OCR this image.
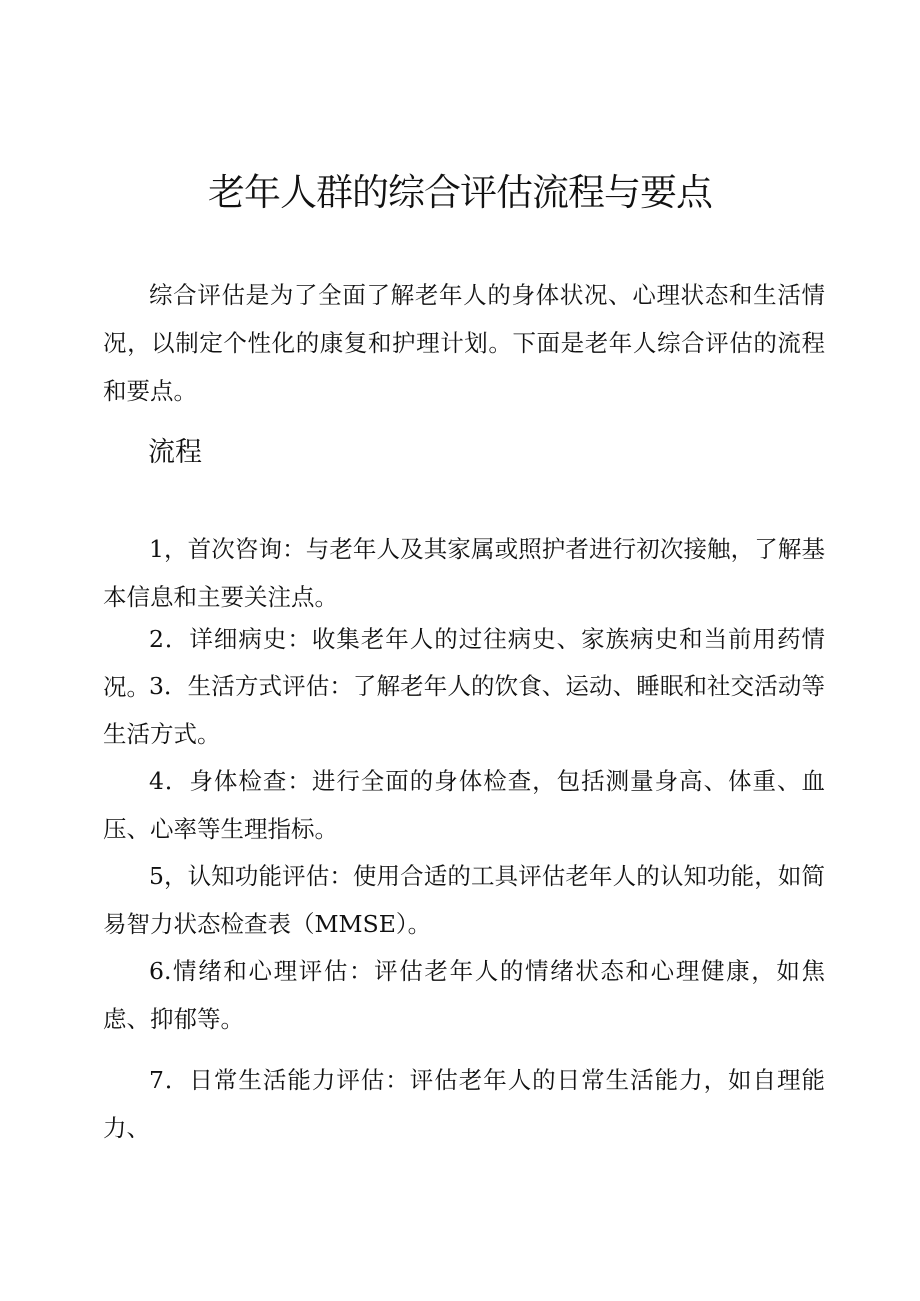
老年人群的综合评估流程与要点
综合评估是为了全面了解老年人的身体状况、心理状态和生活情况，以制定个性化的康复和护理计划。下面是老年人综合评估的流程和要点。
流程
1，首次咨询：与老年人及其家属或照护者进行初次接触，了解基本信息和主要关注点。
2．详细病史：收集老年人的过往病史、家族病史和当前用药情况。 3．生活方式评估：了解老年人的饮食、运动、睡眠和社交活动等生活方式。
4．身体检查：进行全面的身体检查，包括测量身高、体重、血压、心率等生理指标。
5，认知功能评估：使用合适的工具评估老年人的认知功能，如简易智力状态检查表（MMSE）。
6.情绪和心理评估：评估老年人的情绪状态和心理健康，如焦虑、抑郁等。
7．日常生活能力评估：评估老年人的日常生活能力，如自理能力、
